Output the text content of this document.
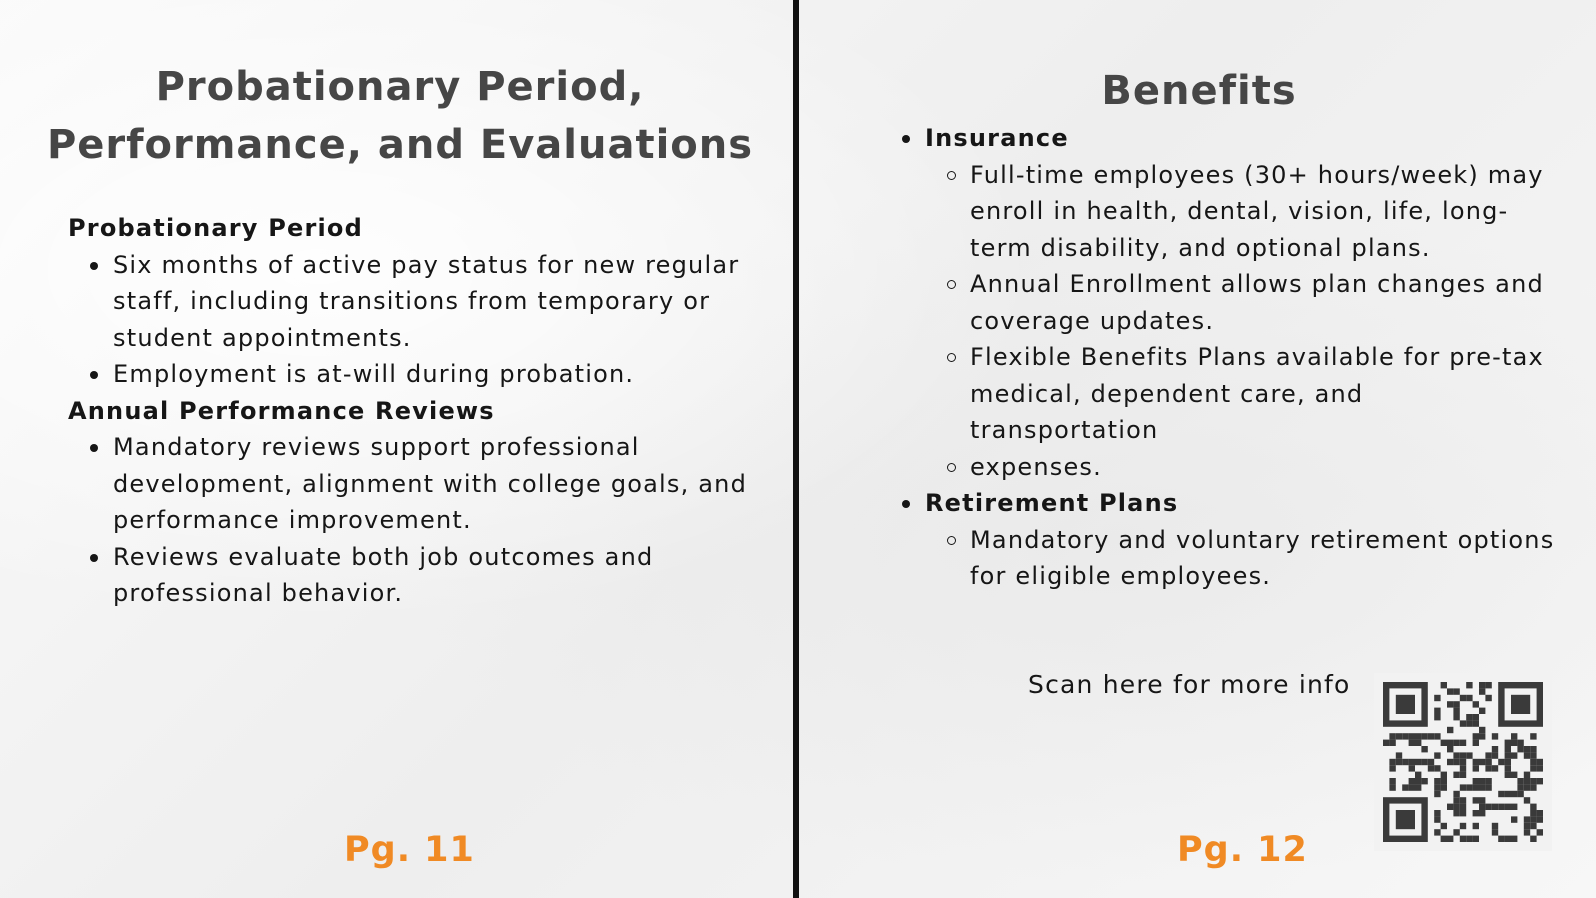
Probationary Period,
Performance, and Evaluations

Probationary Period

Six months of active pay status for new regular staff, including transitions from temporary or student appointments.
Employment is at-will during probation.

Annual Performance Reviews

Mandatory reviews support professional development, alignment with college goals, and performance improvement.
Reviews evaluate both job outcomes and professional behavior.
Pg. 11
Benefits
Insurance
Full-time employees (30+ hours/week) may enroll in health, dental, vision, life, long-term disability, and optional plans.
Annual Enrollment allows plan changes and coverage updates.
Flexible Benefits Plans available for pre-tax medical, dependent care, and transportation
expenses.
Retirement Plans
Mandatory and voluntary retirement options for eligible employees.
Scan here for more info
Pg. 12
